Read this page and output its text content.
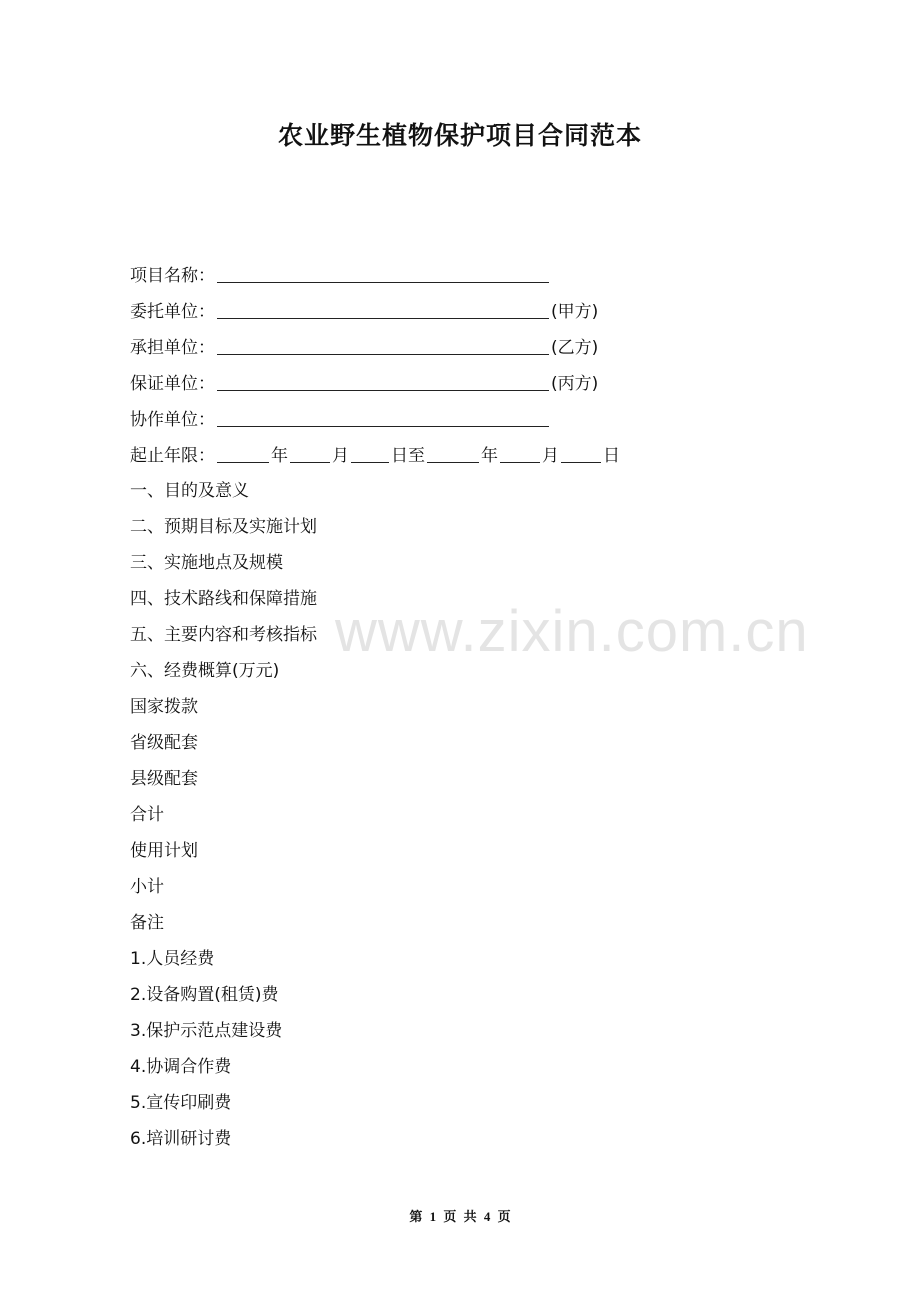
农业野生植物保护项目合同范本
项目名称：
委托单位：	(甲方)
承担单位：	(乙方)
保证单位：	(丙方)
协作单位：
起止年限：	年	月 日至	年	月	日
一、目的及意义
二、预期目标及实施计划
三、实施地点及规模
四、技术路线和保障措施
五、主要内容和考核指标
六、经费概算(万元)
国家拨款
省级配套
县级配套
合计
使用计划
小计
备注
1.人员经费
2.设备购置(租赁)费
3.保护示范点建设费
4.协调合作费
5.宣传印刷费
6.培训研讨费
www.zixin.com.cn
第 1 页 共 4 页
